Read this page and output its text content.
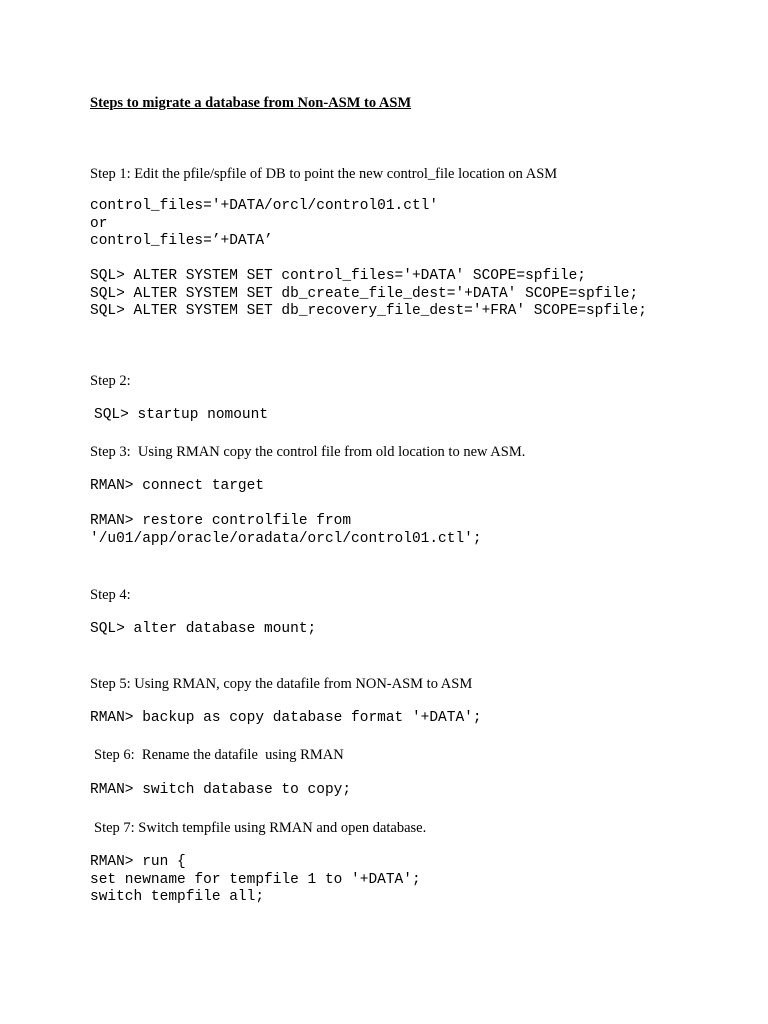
Steps to migrate a database from Non-ASM to ASM
Step 1: Edit the pfile/spfile of DB to point the new control_file location on ASM
control_files='+DATA/orcl/control01.ctl'
or
control_files=’+DATA’
SQL> ALTER SYSTEM SET control_files='+DATA' SCOPE=spfile;
SQL> ALTER SYSTEM SET db_create_file_dest='+DATA' SCOPE=spfile;
SQL> ALTER SYSTEM SET db_recovery_file_dest='+FRA' SCOPE=spfile;
Step 2:
SQL> startup nomount
Step 3:  Using RMAN copy the control file from old location to new ASM.
RMAN> connect target
RMAN> restore controlfile from
'/u01/app/oracle/oradata/orcl/control01.ctl';
Step 4:
SQL> alter database mount;
Step 5: Using RMAN, copy the datafile from NON-ASM to ASM
RMAN> backup as copy database format '+DATA';
Step 6:  Rename the datafile  using RMAN
RMAN> switch database to copy;
Step 7: Switch tempfile using RMAN and open database.
RMAN> run {
set newname for tempfile 1 to '+DATA';
switch tempfile all;
